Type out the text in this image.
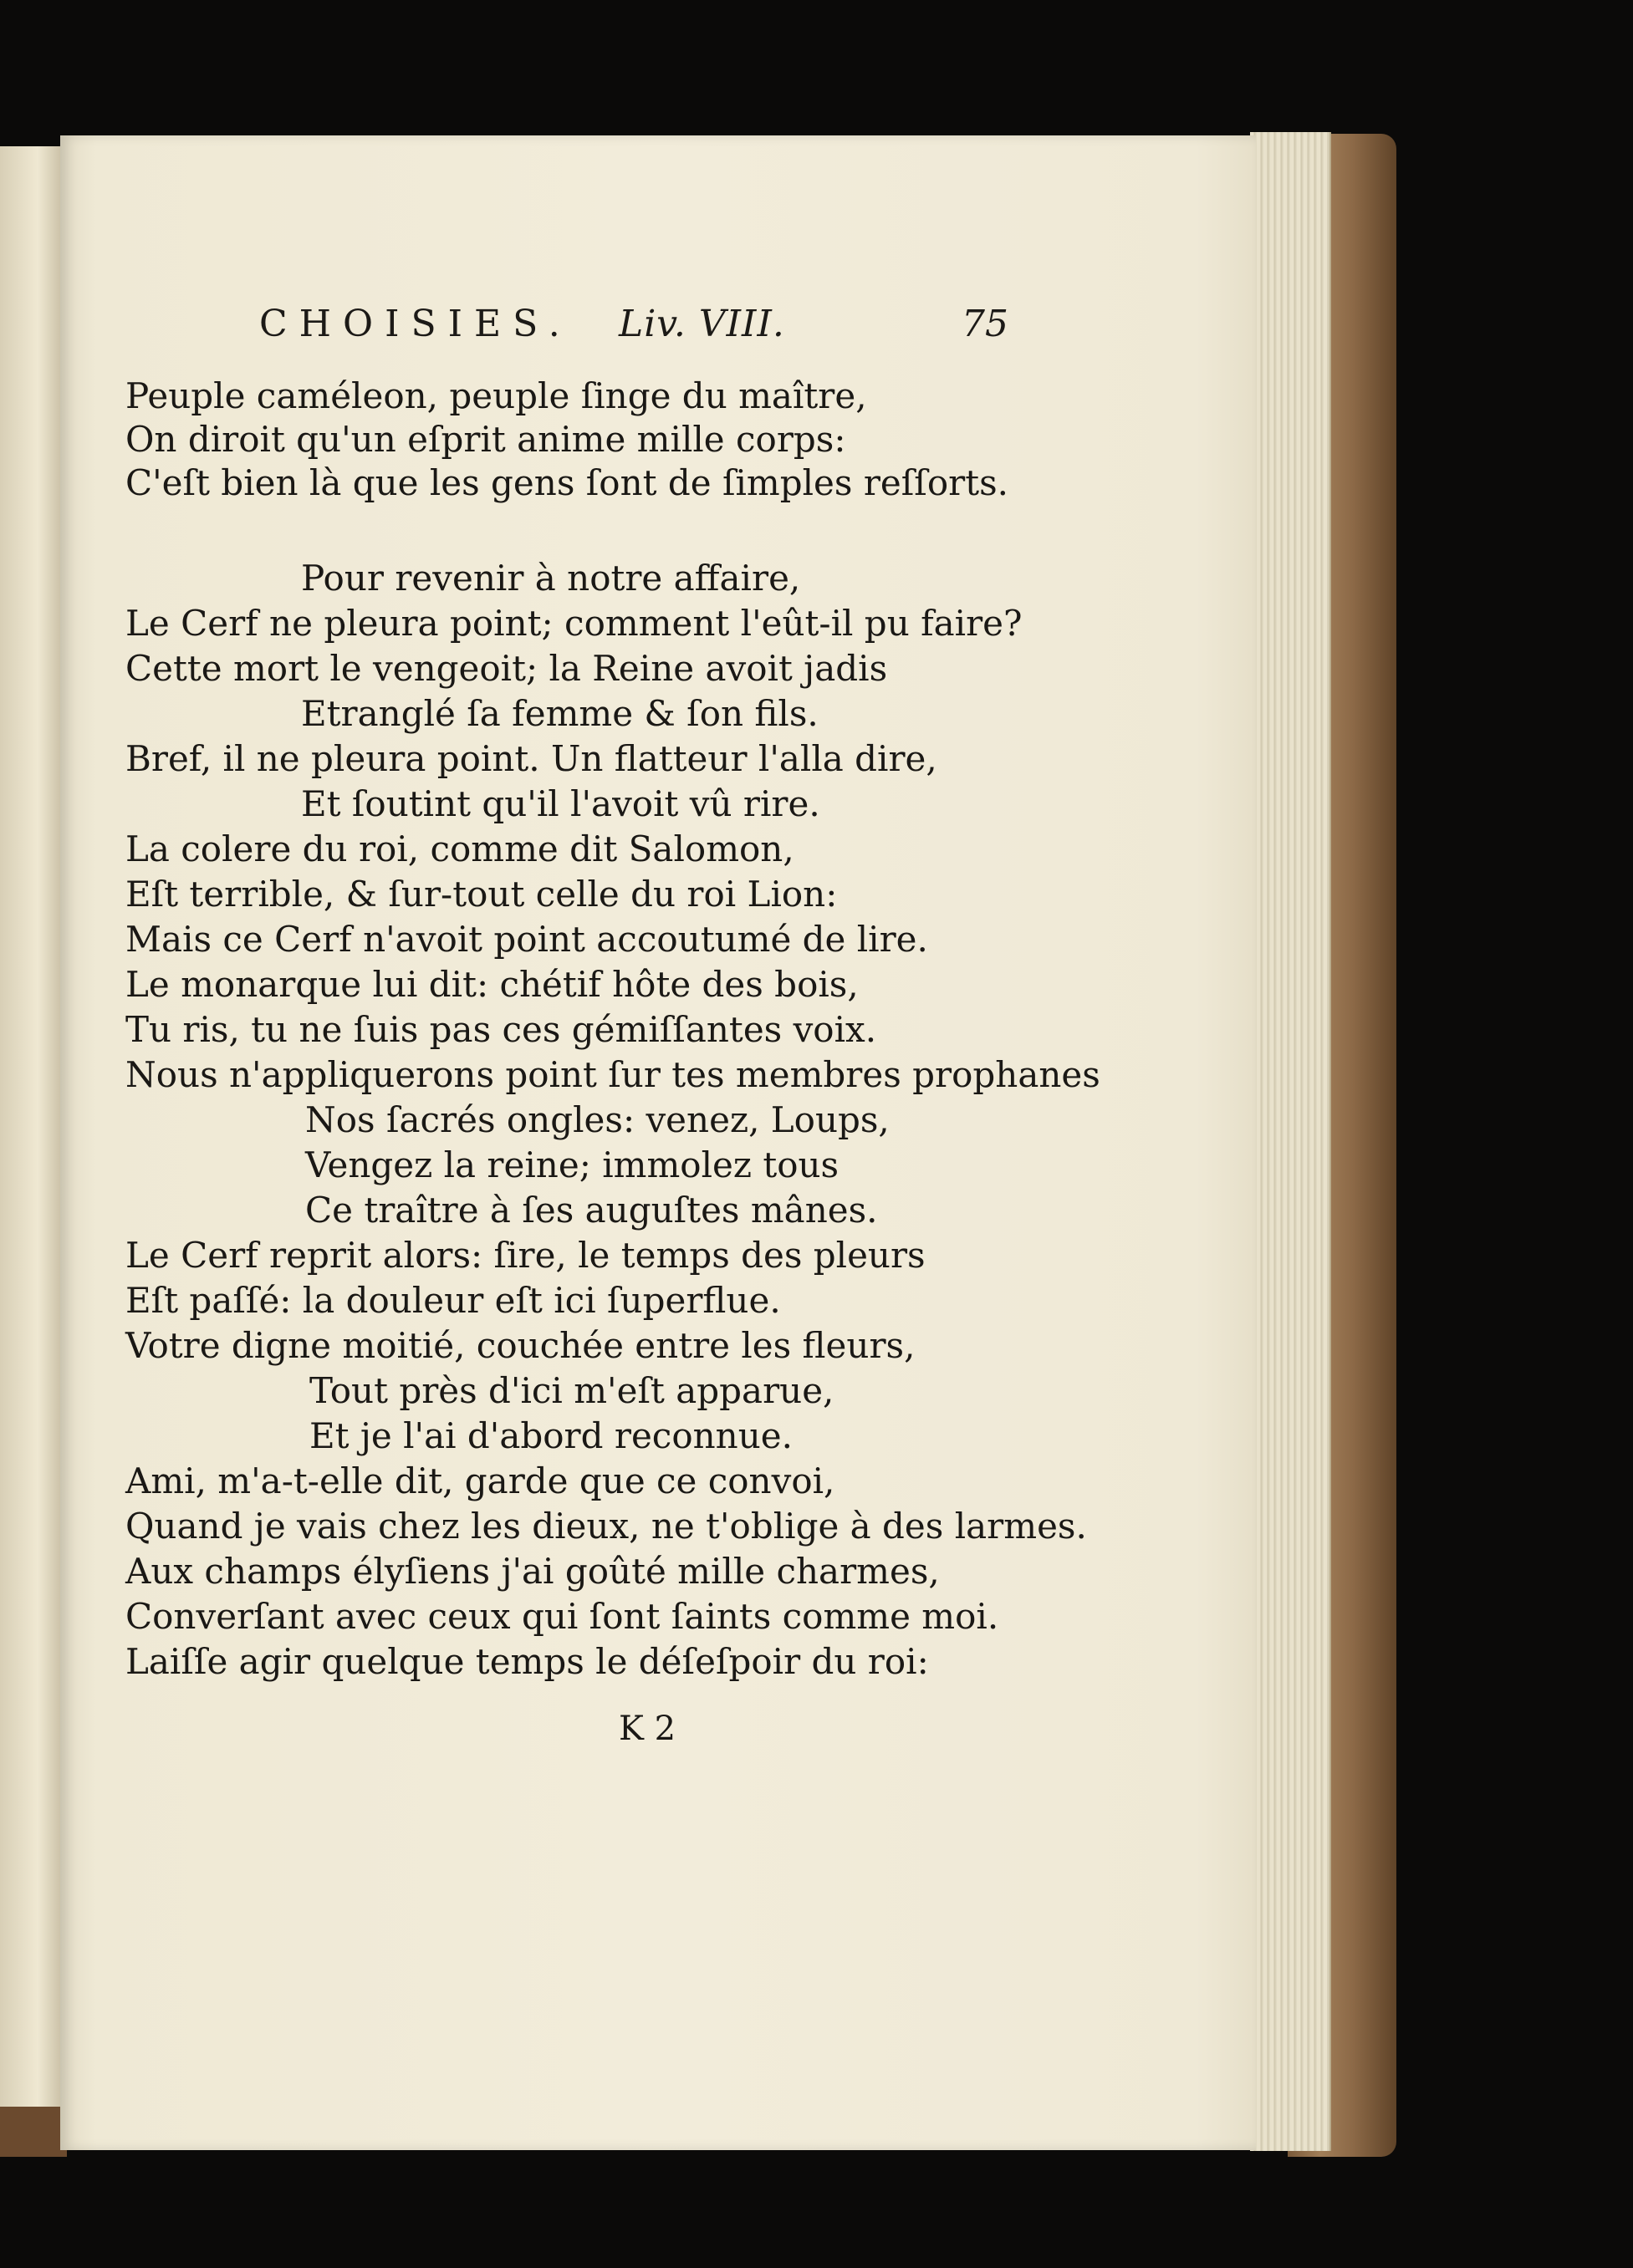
CHOISIES. Liv. VIII.	75
Peuple caméleon, peuple ſinge du maître,
On diroit qu'un eſprit anime mille corps:
C'eſt bien là que les gens ſont de ſimples reſſorts.
Pour revenir à notre affaire,
Le Cerf ne pleura point; comment l'eût-il pu faire?
Cette mort le vengeoit; la Reine avoit jadis
Etranglé ſa femme & ſon fils.
Bref, il ne pleura point. Un flatteur l'alla dire,
Et ſoutint qu'il l'avoit vû rire.
La colere du roi, comme dit Salomon,
Eſt terrible, & ſur-tout celle du roi Lion:
Mais ce Cerf n'avoit point accoutumé de lire.
Le monarque lui dit: chétif hôte des bois,
Tu ris, tu ne ſuis pas ces gémiſſantes voix.
Nous n'appliquerons point ſur tes membres prophanes
Nos ſacrés ongles: venez, Loups,
Vengez la reine; immolez tous
Ce traître à ſes auguſtes mânes.
Le Cerf reprit alors: ſire, le temps des pleurs
Eſt paſſé: la douleur eſt ici ſuperflue.
Votre digne moitié, couchée entre les fleurs,
Tout près d'ici m'eſt apparue,
Et je l'ai d'abord reconnue.
Ami, m'a-t-elle dit, garde que ce convoi,
Quand je vais chez les dieux, ne t'oblige à des larmes.
Aux champs élyſiens j'ai goûté mille charmes,
Converſant avec ceux qui ſont ſaints comme moi.
Laiſſe agir quelque temps le déſeſpoir du roi:
K 2
